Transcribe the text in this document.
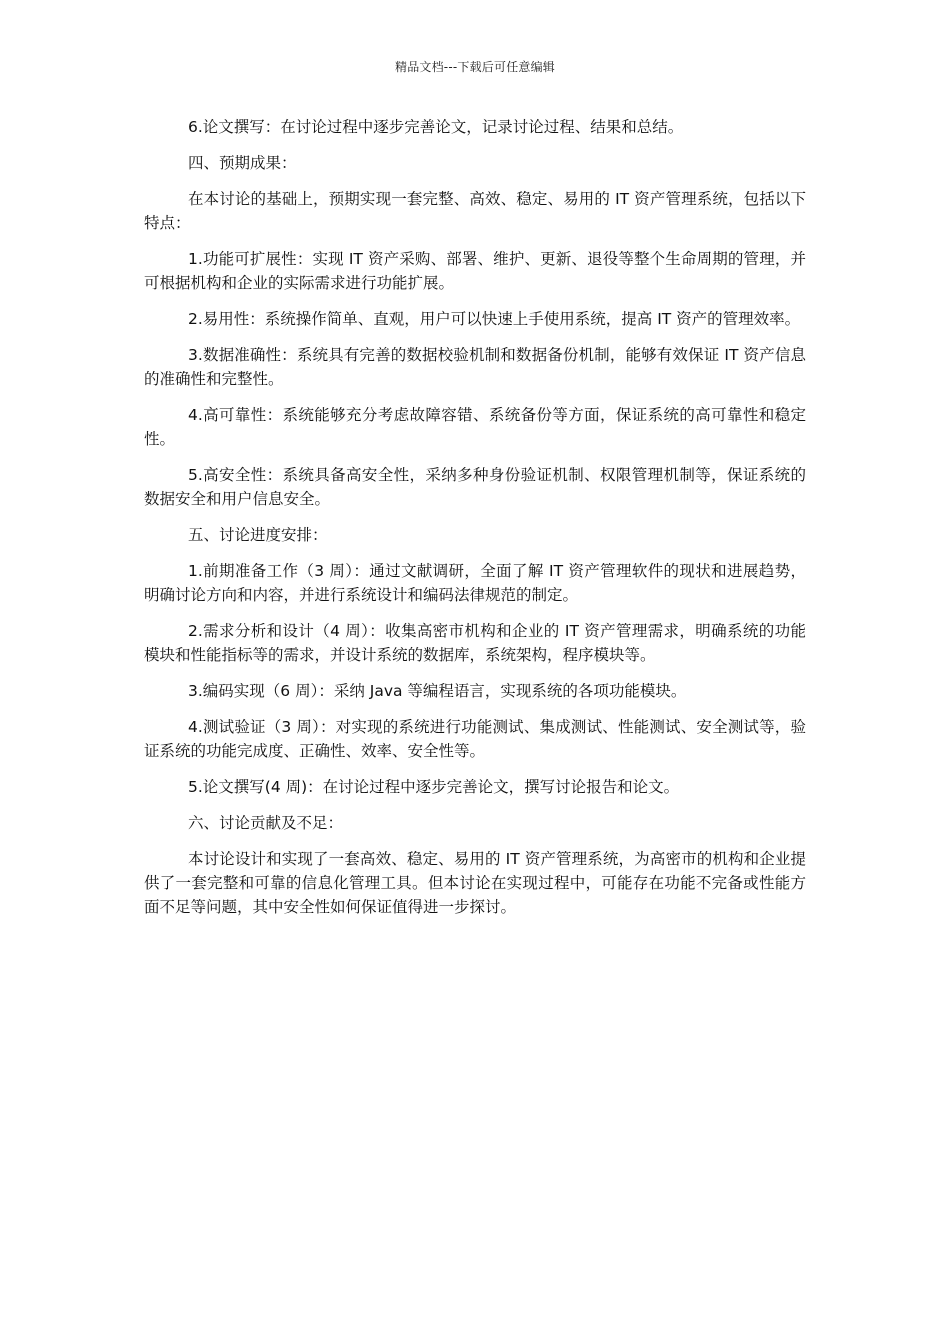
精品文档---下载后可任意编辑

6.论文撰写：在讨论过程中逐步完善论文，记录讨论过程、结果和总结。

四、预期成果：

在本讨论的基础上，预期实现一套完整、高效、稳定、易用的 IT 资产管理系统，包括以下特点：

1.功能可扩展性：实现 IT 资产采购、部署、维护、更新、退役等整个生命周期的管理，并可根据机构和企业的实际需求进行功能扩展。

2.易用性：系统操作简单、直观，用户可以快速上手使用系统，提高 IT 资产的管理效率。

3.数据准确性：系统具有完善的数据校验机制和数据备份机制，能够有效保证 IT 资产信息的准确性和完整性。

4.高可靠性：系统能够充分考虑故障容错、系统备份等方面，保证系统的高可靠性和稳定性。

5.高安全性：系统具备高安全性，采纳多种身份验证机制、权限管理机制等，保证系统的数据安全和用户信息安全。

五、讨论进度安排：

1.前期准备工作（3 周）：通过文献调研，全面了解 IT 资产管理软件的现状和进展趋势，明确讨论方向和内容，并进行系统设计和编码法律规范的制定。

2.需求分析和设计（4 周）：收集高密市机构和企业的 IT 资产管理需求，明确系统的功能模块和性能指标等的需求，并设计系统的数据库，系统架构，程序模块等。

3.编码实现（6 周）：采纳 Java 等编程语言，实现系统的各项功能模块。

4.测试验证（3 周）：对实现的系统进行功能测试、集成测试、性能测试、安全测试等，验证系统的功能完成度、正确性、效率、安全性等。

5.论文撰写(4 周)：在讨论过程中逐步完善论文，撰写讨论报告和论文。

六、讨论贡献及不足：

本讨论设计和实现了一套高效、稳定、易用的 IT 资产管理系统，为高密市的机构和企业提供了一套完整和可靠的信息化管理工具。但本讨论在实现过程中，可能存在功能不完备或性能方面不足等问题，其中安全性如何保证值得进一步探讨。
